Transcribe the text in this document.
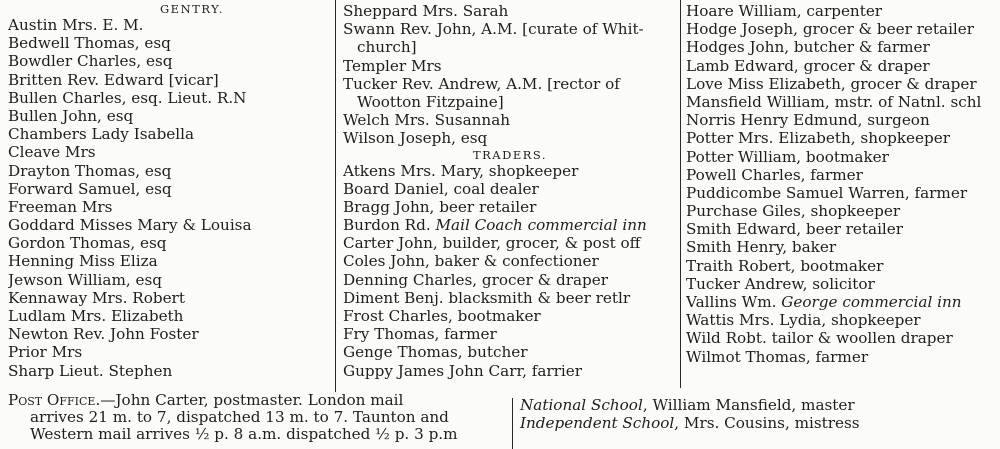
GENTRY.
Austin Mrs. E. M.
Bedwell Thomas, esq
Bowdler Charles, esq
Britten Rev. Edward [vicar]
Bullen Charles, esq. Lieut. R.N
Bullen John, esq
Chambers Lady Isabella
Cleave Mrs
Drayton Thomas, esq
Forward Samuel, esq
Freeman Mrs
Goddard Misses Mary & Louisa
Gordon Thomas, esq
Henning Miss Eliza
Jewson William, esq
Kennaway Mrs. Robert
Ludlam Mrs. Elizabeth
Newton Rev. John Foster
Prior Mrs
Sharp Lieut. Stephen
Sheppard Mrs. Sarah
Swann Rev. John, A.M. [curate of Whit-
church]
Templer Mrs
Tucker Rev. Andrew, A.M. [rector of
Wootton Fitzpaine]
Welch Mrs. Susannah
Wilson Joseph, esq
TRADERS.
Atkens Mrs. Mary, shopkeeper
Board Daniel, coal dealer
Bragg John, beer retailer
Burdon Rd. Mail Coach commercial inn
Carter John, builder, grocer, & post off
Coles John, baker & confectioner
Denning Charles, grocer & draper
Diment Benj. blacksmith & beer retlr
Frost Charles, bootmaker
Fry Thomas, farmer
Genge Thomas, butcher
Guppy James John Carr, farrier
Hoare William, carpenter
Hodge Joseph, grocer & beer retailer
Hodges John, butcher & farmer
Lamb Edward, grocer & draper
Love Miss Elizabeth, grocer & draper
Mansfield William, mstr. of Natnl. schl
Norris Henry Edmund, surgeon
Potter Mrs. Elizabeth, shopkeeper
Potter William, bootmaker
Powell Charles, farmer
Puddicombe Samuel Warren, farmer
Purchase Giles, shopkeeper
Smith Edward, beer retailer
Smith Henry, baker
Traith Robert, bootmaker
Tucker Andrew, solicitor
Vallins Wm. George commercial inn
Wattis Mrs. Lydia, shopkeeper
Wild Robt. tailor & woollen draper
Wilmot Thomas, farmer
Post Office.—John Carter, postmaster. London mail
arrives 21 m. to 7, dispatched 13 m. to 7. Taunton and
Western mail arrives ½ p. 8 a.m. dispatched ½ p. 3 p.m
National School, William Mansfield, master
Independent School, Mrs. Cousins, mistress
